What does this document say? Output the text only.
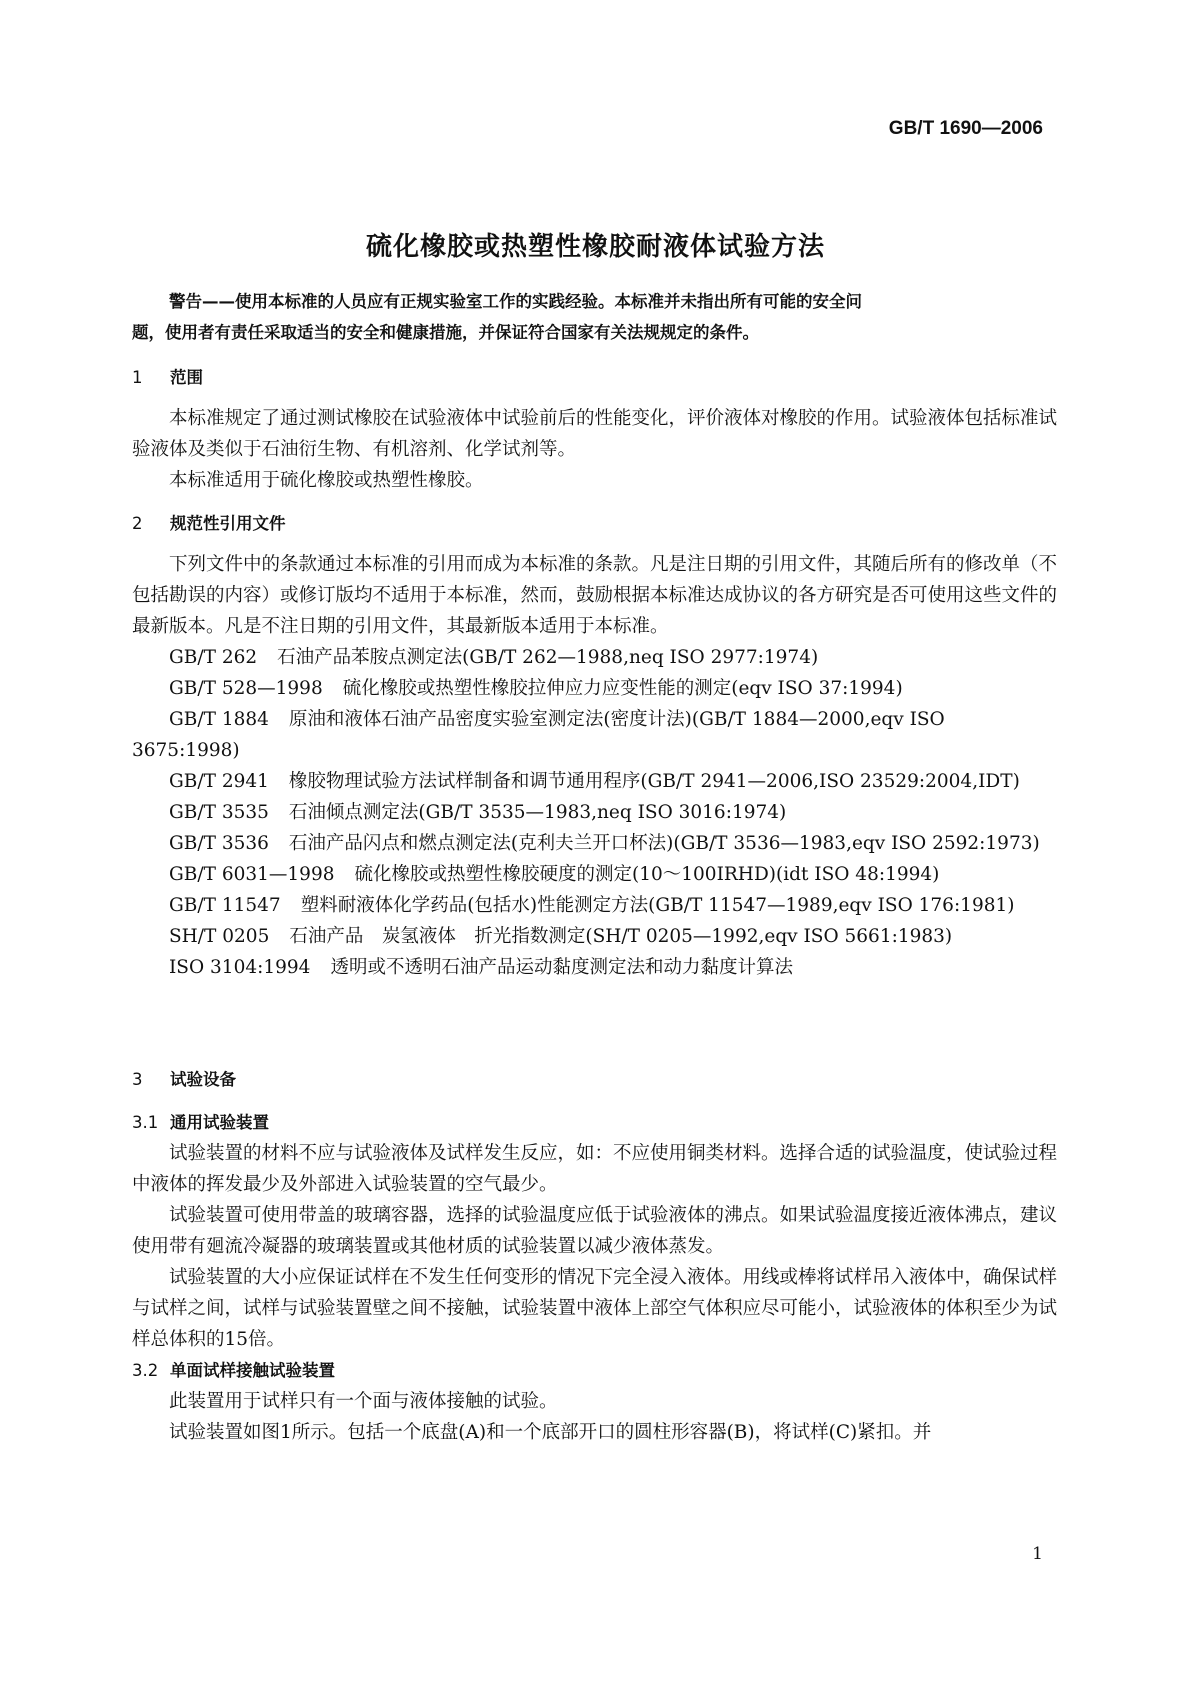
GB/T 1690—2006
硫化橡胶或热塑性橡胶耐液体试验方法

警告——使用本标准的人员应有正规实验室工作的实践经验。本标准并未指出所有可能的安全问

题，使用者有责任采取适当的安全和健康措施，并保证符合国家有关法规规定的条件。

1 范围

本标准规定了通过测试橡胶在试验液体中试验前后的性能变化，评价液体对橡胶的作用。试验液体包括标准试验液体及类似于石油衍生物、有机溶剂、化学试剂等。

本标准适用于硫化橡胶或热塑性橡胶。

2 规范性引用文件

下列文件中的条款通过本标准的引用而成为本标准的条款。凡是注日期的引用文件，其随后所有的修改单（不包括勘误的内容）或修订版均不适用于本标准，然而，鼓励根据本标准达成协议的各方研究是否可使用这些文件的最新版本。凡是不注日期的引用文件，其最新版本适用于本标准。

GB/T 262 石油产品苯胺点测定法(GB/T 262—1988,neq ISO 2977:1974)

GB/T 528—1998 硫化橡胶或热塑性橡胶拉伸应力应变性能的测定(eqv ISO 37:1994)

GB/T 1884 原油和液体石油产品密度实验室测定法(密度计法)(GB/T 1884—2000,eqv ISO 3675:1998)

GB/T 2941 橡胶物理试验方法试样制备和调节通用程序(GB/T 2941—2006,ISO 23529:2004,IDT)

GB/T 3535 石油倾点测定法(GB/T 3535—1983,neq ISO 3016:1974)

GB/T 3536 石油产品闪点和燃点测定法(克利夫兰开口杯法)(GB/T 3536—1983,eqv ISO 2592:1973)

GB/T 6031—1998 硫化橡胶或热塑性橡胶硬度的测定(10～100IRHD)(idt ISO 48:1994)

GB/T 11547 塑料耐液体化学药品(包括水)性能测定方法(GB/T 11547—1989,eqv ISO 176:1981)

SH/T 0205 石油产品　炭氢液体　折光指数测定(SH/T 0205—1992,eqv ISO 5661:1983)

ISO 3104:1994 透明或不透明石油产品运动黏度测定法和动力黏度计算法

3 试验设备
3.1 通用试验装置

试验装置的材料不应与试验液体及试样发生反应，如：不应使用铜类材料。选择合适的试验温度，使试验过程中液体的挥发最少及外部进入试验装置的空气最少。

试验装置可使用带盖的玻璃容器，选择的试验温度应低于试验液体的沸点。如果试验温度接近液体沸点，建议使用带有廻流冷凝器的玻璃装置或其他材质的试验装置以减少液体蒸发。

试验装置的大小应保证试样在不发生任何变形的情况下完全浸入液体。用线或棒将试样吊入液体中，确保试样与试样之间，试样与试验装置壁之间不接触，试验装置中液体上部空气体积应尽可能小，试验液体的体积至少为试样总体积的15倍。

3.2 单面试样接触试验装置

此装置用于试样只有一个面与液体接触的试验。

试验装置如图1所示。包括一个底盘(A)和一个底部开口的圆柱形容器(B)，将试样(C)紧扣。并

1
